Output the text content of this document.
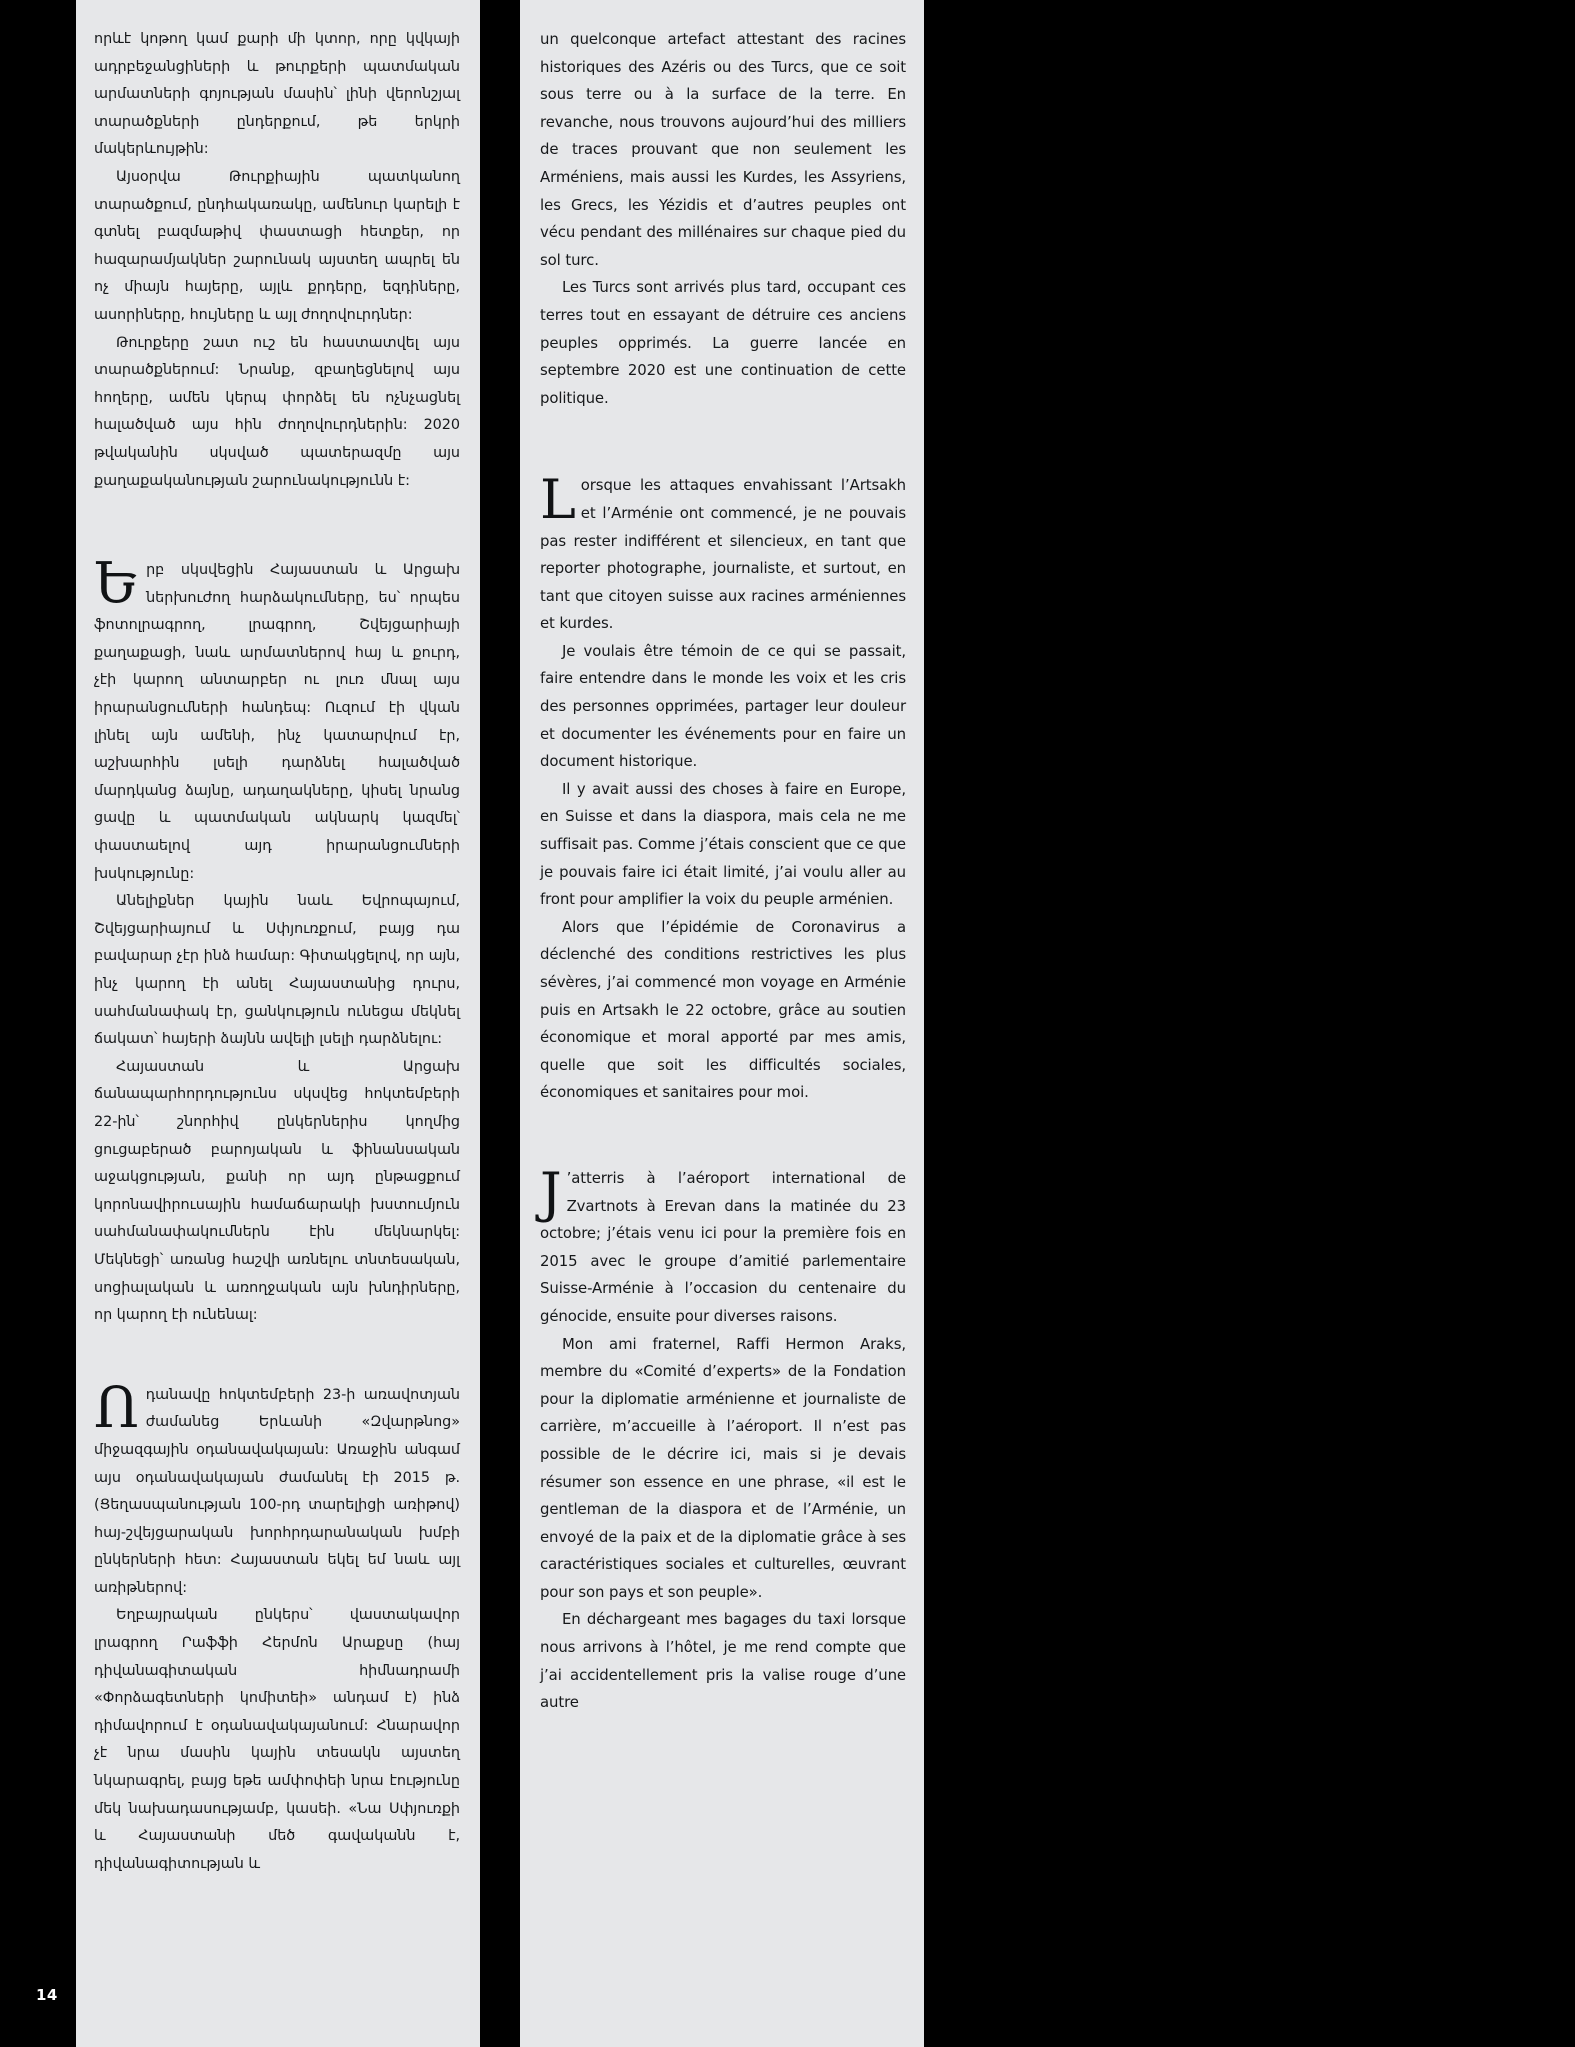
որևէ կոթող կամ քարի մի կտոր, որը կվկայի ադրբեջանցիների և թուրքերի պատմական արմատների գոյության մասին՝ լինի վերոնշյալ տարածքների ընդերքում, թե երկրի մակերևույթին:

Այսօրվա Թուրքիային պատկանող տարածքում, ընդհակառակը, ամենուր կարելի է գտնել բազմաթիվ փաստացի հետքեր, որ հազարամյակներ շարունակ այստեղ ապրել են ոչ միայն հայերը, այլև քրդերը, եզդիները, ասորիները, հույները և այլ ժողովուրդներ:

Թուրքերը շատ ուշ են հաստատվել այս տարածքներում: Նրանք, զբաղեցնելով այս հողերը, ամեն կերպ փորձել են ոչնչացնել հալածված այս հին ժողովուրդներին: 2020 թվականին սկսված պատերազմը այս քաղաքականության շարունակությունն է:

Երբ սկսվեցին Հայաստան և Արցախ ներխուժող հարձակումները, ես՝ որպես ֆոտոլրագրող, լրագրող, Շվեյցարիայի քաղաքացի, նաև արմատներով հայ և քուրդ, չէի կարող անտարբեր ու լուռ մնալ այս իրարանցումների հանդեպ: Ուզում էի վկան լինել այն ամենի, ինչ կատարվում էր, աշխարհին լսելի դարձնել հալածված մարդկանց ձայնը, ադաղակները, կիսել նրանց ցավը և պատմական ակնարկ կազմել՝ փաստաելով այդ իրարանցումների խսկությունը:

Անելիքներ կային նաև Եվրոպայում, Շվեյցարիայում և Սփյուռքում, բայց դա բավարար չէր ինձ համար: Գիտակցելով, որ այն, ինչ կարող էի անել Հայաստանից դուրս, սահմանափակ էր, ցանկություն ունեցա մեկնել ճակատ՝ հայերի ձայնն ավելի լսելի դարձնելու:

Հայաստան և Արցախ ճանապարհորդությունս սկսվեց հոկտեմբերի 22-ին՝ շնորհիվ ընկերներիս կողմից ցուցաբերած բարոյական և ֆինանսական աջակցության, քանի որ այդ ընթացքում կորոնավիրուսային համաճարակի խստումյուն սահմանափակումներն էին մեկնարկել: Մեկնեցի՝ առանց հաշվի առնելու տնտեսական, սոցիալական և առողջական այն խնդիրները, որ կարող էի ունենալ:

Ոդանավը հոկտեմբերի 23-ի առավոտյան ժամանեց Երևանի «Զվարթնոց» միջազգային օդանավակայան: Առաջին անգամ այս օդանավակայան ժամանել էի 2015 թ. (Ցեղասպանության 100-րդ տարելիցի առիթով) հայ-շվեյցարական խորհրդարանական խմբի ընկերների հետ: Հայաստան եկել եմ նաև այլ առիթներով:

Եղբայրական ընկերս՝ վաստակավոր լրագրող Րաֆֆի Հերմոն Արաքսը (հայ դիվանագիտական հիմնադրամի «Փորձագետների կոմիտեի» անդամ է) ինձ դիմավորում է օդանավակայանում: Հնարավոր չէ նրա մասին կային տեսակն այստեղ նկարագրել, բայց եթե ամփոփեի նրա էությունը մեկ նախադասությամբ, կասեի. «Նա Սփյուռքի և Հայաստանի մեծ գավականն է, դիվանագիտության և

un quelconque artefact attestant des racines historiques des Azéris ou des Turcs, que ce soit sous terre ou à la surface de la terre. En revanche, nous trouvons aujourd’hui des milliers de traces prouvant que non seulement les Arméniens, mais aussi les Kurdes, les Assyriens, les Grecs, les Yézidis et d’autres peuples ont vécu pendant des millénaires sur chaque pied du sol turc.

Les Turcs sont arrivés plus tard, occupant ces terres tout en essayant de détruire ces anciens peuples opprimés. La guerre lancée en septembre 2020 est une continuation de cette politique.

Lorsque les attaques envahissant l’Artsakh et l’Arménie ont commencé, je ne pouvais pas rester indifférent et silencieux, en tant que reporter photographe, journaliste, et surtout, en tant que citoyen suisse aux racines arméniennes et kurdes.

Je voulais être témoin de ce qui se passait, faire entendre dans le monde les voix et les cris des personnes opprimées, partager leur douleur et documenter les événements pour en faire un document historique.

Il y avait aussi des choses à faire en Europe, en Suisse et dans la diaspora, mais cela ne me suffisait pas. Comme j’étais conscient que ce que je pouvais faire ici était limité, j’ai voulu aller au front pour amplifier la voix du peuple arménien.

Alors que l’épidémie de Coronavirus a déclenché des conditions restrictives les plus sévères, j’ai commencé mon voyage en Arménie puis en Artsakh le 22 octobre, grâce au soutien économique et moral apporté par mes amis, quelle que soit les difficultés sociales, économiques et sanitaires pour moi.

J ’atterris à l’aéroport international de Zvartnots à Erevan dans la matinée du 23 octobre; j’étais venu ici pour la première fois en 2015 avec le groupe d’amitié parlementaire Suisse-Arménie à l’occasion du centenaire du génocide, ensuite pour diverses raisons.

Mon ami fraternel, Raffi Hermon Araks, membre du «Comité d’experts» de la Fondation pour la diplomatie arménienne et journaliste de carrière, m’accueille à l’aéroport. Il n’est pas possible de le décrire ici, mais si je devais résumer son essence en une phrase, «il est le gentleman de la diaspora et de l’Arménie, un envoyé de la paix et de la diplomatie grâce à ses caractéristiques sociales et culturelles, œuvrant pour son pays et son peuple».

En déchargeant mes bagages du taxi lorsque nous arrivons à l’hôtel, je me rend compte que j’ai accidentellement pris la valise rouge d’une autre

14
